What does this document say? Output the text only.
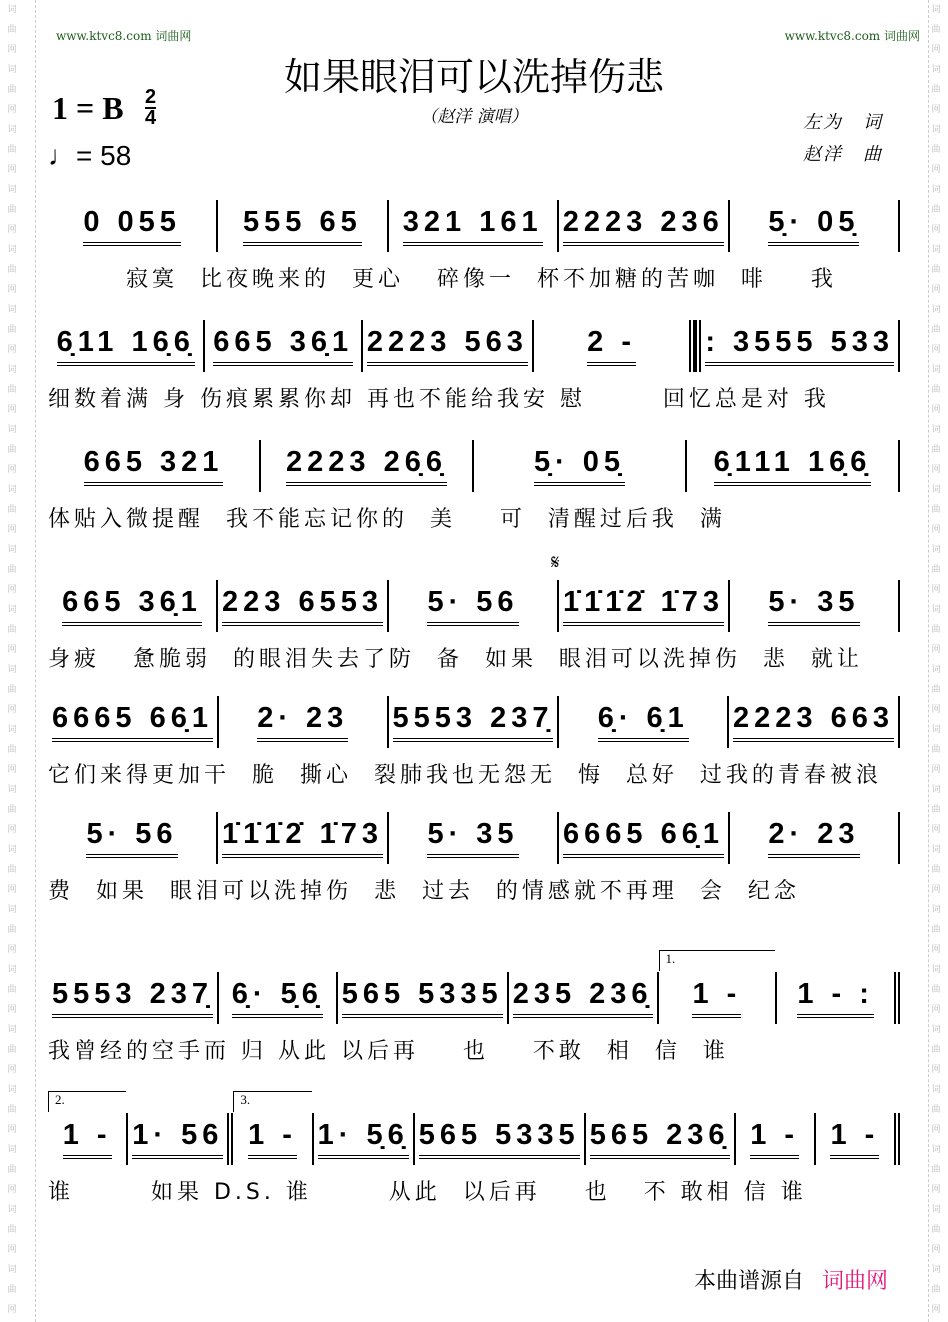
词
曲
网
词
曲
网
词
曲
网
词
曲
网
词
曲
网
词
曲
网
词
曲
网
词
曲
网
词
曲
网
词
曲
网
词
曲
网
词
曲
网
词
曲
网
词
曲
网
词
曲
网
词
曲
网
词
曲
网
词
曲
网
词
曲
网
词
曲
网
词
曲
网
词
曲
网

词
曲
网
词
曲
网
词
曲
网
词
曲
网
词
曲
网
词
曲
网
词
曲
网
词
曲
网
词
曲
网
词
曲
网
词
曲
网
词
曲
网
词
曲
网
词
曲
网
词
曲
网
词
曲
网
词
曲
网
词
曲
网
词
曲
网
词
曲
网
词
曲
网
词
曲
网

www.ktvc8.com 词曲网	www.ktvc8.com 词曲网
如果眼泪可以洗掉伤悲
（赵洋 演唱）
1 = B 2
4
♩= 58
左为　词
赵洋　曲
0 055 555 65 321 161 2223 236 5̣· 05̣
　　　寂寞  比夜晚来的  更心   碎像一  杯不加糖的苦咖  啡    我
6̣11 16̣6̣ 665 36̣1 2223 563 2 - : 3555 533
细数着满 身 伤痕累累你却 再也不能给我安 慰       回忆总是对 我
665 321 2223 26̣6̣	5̣· 05̣	6̣111 16̣6̣
体贴入微提醒  我不能忘记你的  美    可  清醒过后我  满
665 36̣1 223 6553 5· 56
𝄋
1̇1̇1̇2̇ 1̇73 5· 35
身疲   惫脆弱  的眼泪失去了防  备  如果  眼泪可以洗掉伤  悲  就让
6665 66̣1 2· 23 5553 237̣ 6̣· 6̣1 2223 663
它们来得更加干  脆  撕心  裂肺我也无怨无  悔  总好  过我的青春被浪
5· 56 1̇1̇1̇2̇ 1̇73 5· 35 6665 66̣1 2· 23
费  如果  眼泪可以洗掉伤  悲  过去  的情感就不再理  会  纪念
5553 237̣ 6̣· 5̣6̣ 565 5335 235 236̣
1.
1 - 1 - :
我曾经的空手而 归 从此 以后再    也    不敢  相  信  谁
2.
1 - 1· 56
3.
1 - 1· 5̣6̣ 565 5335 565 236̣ 1 - 1 -
谁       如果 D.S. 谁       从此  以后再    也   不 敢相 信 谁
本曲谱源自 词曲网
